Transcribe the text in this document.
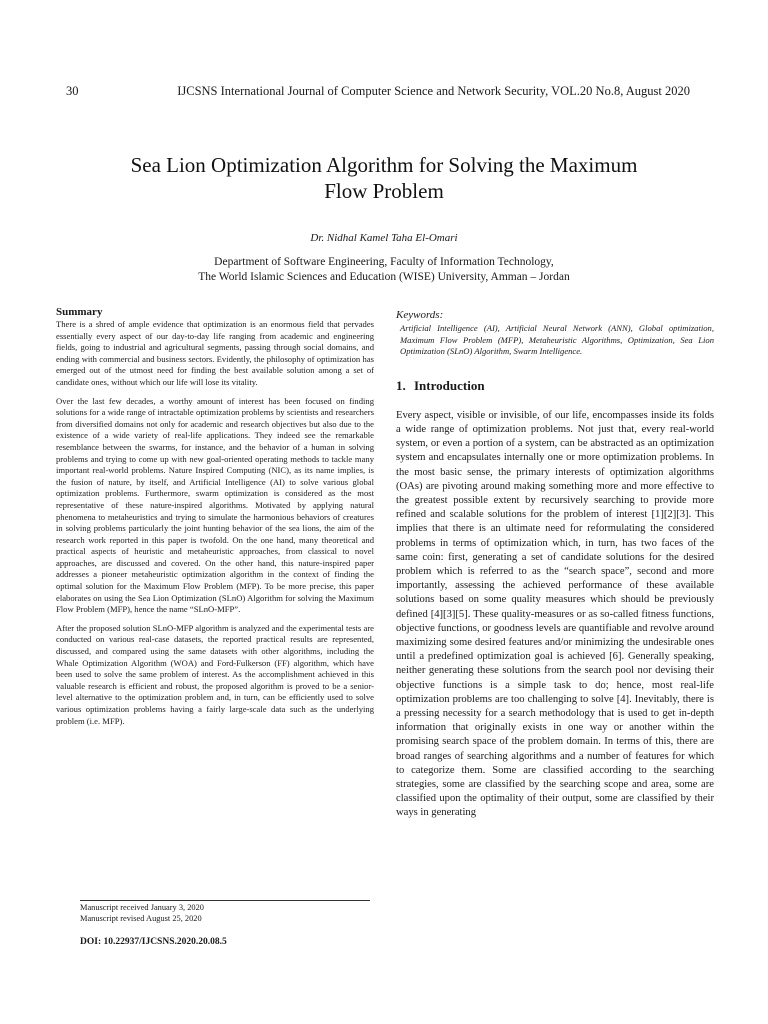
30	IJCSNS International Journal of Computer Science and Network Security, VOL.20 No.8, August 2020
Sea Lion Optimization Algorithm for Solving the Maximum
Flow Problem
Dr. Nidhal Kamel Taha El-Omari
Department of Software Engineering, Faculty of Information Technology,
The World Islamic Sciences and Education (WISE) University, Amman – Jordan
Summary

There is a shred of ample evidence that optimization is an enormous field that pervades essentially every aspect of our day-to-day life ranging from academic and engineering fields, going to industrial and agricultural segments, passing through social domains, and ending with commercial and business sectors. Evidently, the philosophy of optimization has emerged out of the utmost need for finding the best available solution among a set of candidate ones, without which our life will lose its vitality.

Over the last few decades, a worthy amount of interest has been focused on finding solutions for a wide range of intractable optimization problems by scientists and researchers from diversified domains not only for academic and research objectives but also due to the existence of a wide variety of real-life applications. They indeed see the remarkable resemblance between the swarms, for instance, and the behavior of a human in solving problems and trying to come up with new goal-oriented operating methods to tackle many important real-world problems. Nature Inspired Computing (NIC), as its name implies, is the fusion of nature, by itself, and Artificial Intelligence (AI) to solve various global optimization problems. Furthermore, swarm optimization is considered as the most representative of these nature-inspired algorithms. Motivated by applying natural phenomena to metaheuristics and trying to simulate the harmonious behaviors of creatures in solving problems particularly the joint hunting behavior of the sea lions, the aim of the research work reported in this paper is twofold. On the one hand, many theoretical and practical aspects of heuristic and metaheuristic approaches, from classical to novel approaches, are discussed and covered. On the other hand, this nature-inspired paper addresses a pioneer metaheuristic optimization algorithm in the context of finding the optimal solution for the Maximum Flow Problem (MFP). To be more precise, this paper elaborates on using the Sea Lion Optimization (SLnO) Algorithm for solving the Maximum Flow Problem (MFP), hence the name “SLnO-MFP”.

After the proposed solution SLnO-MFP algorithm is analyzed and the experimental tests are conducted on various real-case datasets, the reported practical results are represented, discussed, and compared using the same datasets with other algorithms, including the Whale Optimization Algorithm (WOA) and Ford-Fulkerson (FF) algorithm, which have been used to solve the same problem of interest. As the accomplishment achieved in this valuable research is efficient and robust, the proposed algorithm is proved to be a senior-level alternative to the optimization problem and, in turn, can be efficiently used to solve various optimization problems having a fairly large-scale data such as the underlying problem (i.e. MFP).

Keywords:

Artificial Intelligence (AI), Artificial Neural Network (ANN), Global optimization, Maximum Flow Problem (MFP), Metaheuristic Algorithms, Optimization, Sea Lion Optimization (SLnO) Algorithm, Swarm Intelligence.

1. Introduction

Every aspect, visible or invisible, of our life, encompasses inside its folds a wide range of optimization problems. Not just that, every real-world system, or even a portion of a system, can be abstracted as an optimization system and encapsulates internally one or more optimization problems. In the most basic sense, the primary interests of optimization algorithms (OAs) are pivoting around making something more and more effective to the greatest possible extent by recursively searching to provide more refined and scalable solutions for the problem of interest [1][2][3]. This implies that there is an ultimate need for reformulating the considered problems in terms of optimization which, in turn, has two faces of the same coin: first, generating a set of candidate solutions for the desired problem which is referred to as the “search space”, second and more importantly, assessing the achieved performance of these available solutions based on some quality measures which should be previously defined [4][3][5]. These quality-measures or as so-called fitness functions, objective functions, or goodness levels are quantifiable and revolve around maximizing some desired features and/or minimizing the undesirable ones until a predefined optimization goal is achieved [6]. Generally speaking, neither generating these solutions from the search pool nor devising their objective functions is a simple task to do; hence, most real-life optimization problems are too challenging to solve [4]. Inevitably, there is a pressing necessity for a search methodology that is used to get in-depth information that originally exists in one way or another within the promising search space of the problem domain. In terms of this, there are broad ranges of searching algorithms and a number of features for which to categorize them. Some are classified according to the searching strategies, some are classified by the searching scope and area, some are classified upon the optimality of their output, some are classified by their ways in generating

Manuscript received January 3, 2020
Manuscript revised August 25, 2020
DOI: 10.22937/IJCSNS.2020.20.08.5
